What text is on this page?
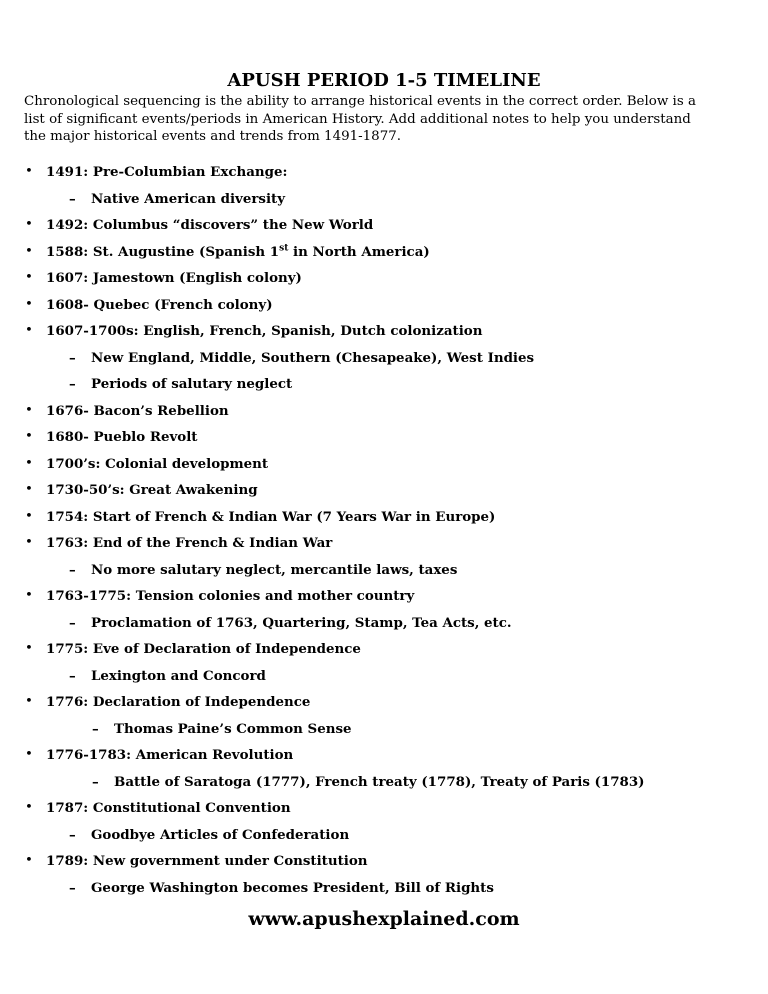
APUSH PERIOD 1-5 TIMELINE
Chronological sequencing is the ability to arrange historical events in the correct order. Below is a list of significant events/periods in American History. Add additional notes to help you understand the major historical events and trends from 1491-1877.
• 1491: Pre-Columbian Exchange:
– Native American diversity
• 1492: Columbus “discovers” the New World
• 1588: St. Augustine (Spanish 1st in North America)
• 1607: Jamestown (English colony)
• 1608- Quebec (French colony)
• 1607-1700s: English, French, Spanish, Dutch colonization
– New England, Middle, Southern (Chesapeake), West Indies
– Periods of salutary neglect
• 1676- Bacon’s Rebellion
• 1680- Pueblo Revolt
• 1700’s: Colonial development
• 1730-50’s: Great Awakening
• 1754: Start of French & Indian War (7 Years War in Europe)
• 1763: End of the French & Indian War
– No more salutary neglect, mercantile laws, taxes
• 1763-1775: Tension colonies and mother country
– Proclamation of 1763, Quartering, Stamp, Tea Acts, etc.
• 1775: Eve of Declaration of Independence
– Lexington and Concord
• 1776: Declaration of Independence
– Thomas Paine’s Common Sense
• 1776-1783: American Revolution
– Battle of Saratoga (1777), French treaty (1778), Treaty of Paris (1783)
• 1787: Constitutional Convention
– Goodbye Articles of Confederation
• 1789: New government under Constitution
– George Washington becomes President, Bill of Rights
www.apushexplained.com
